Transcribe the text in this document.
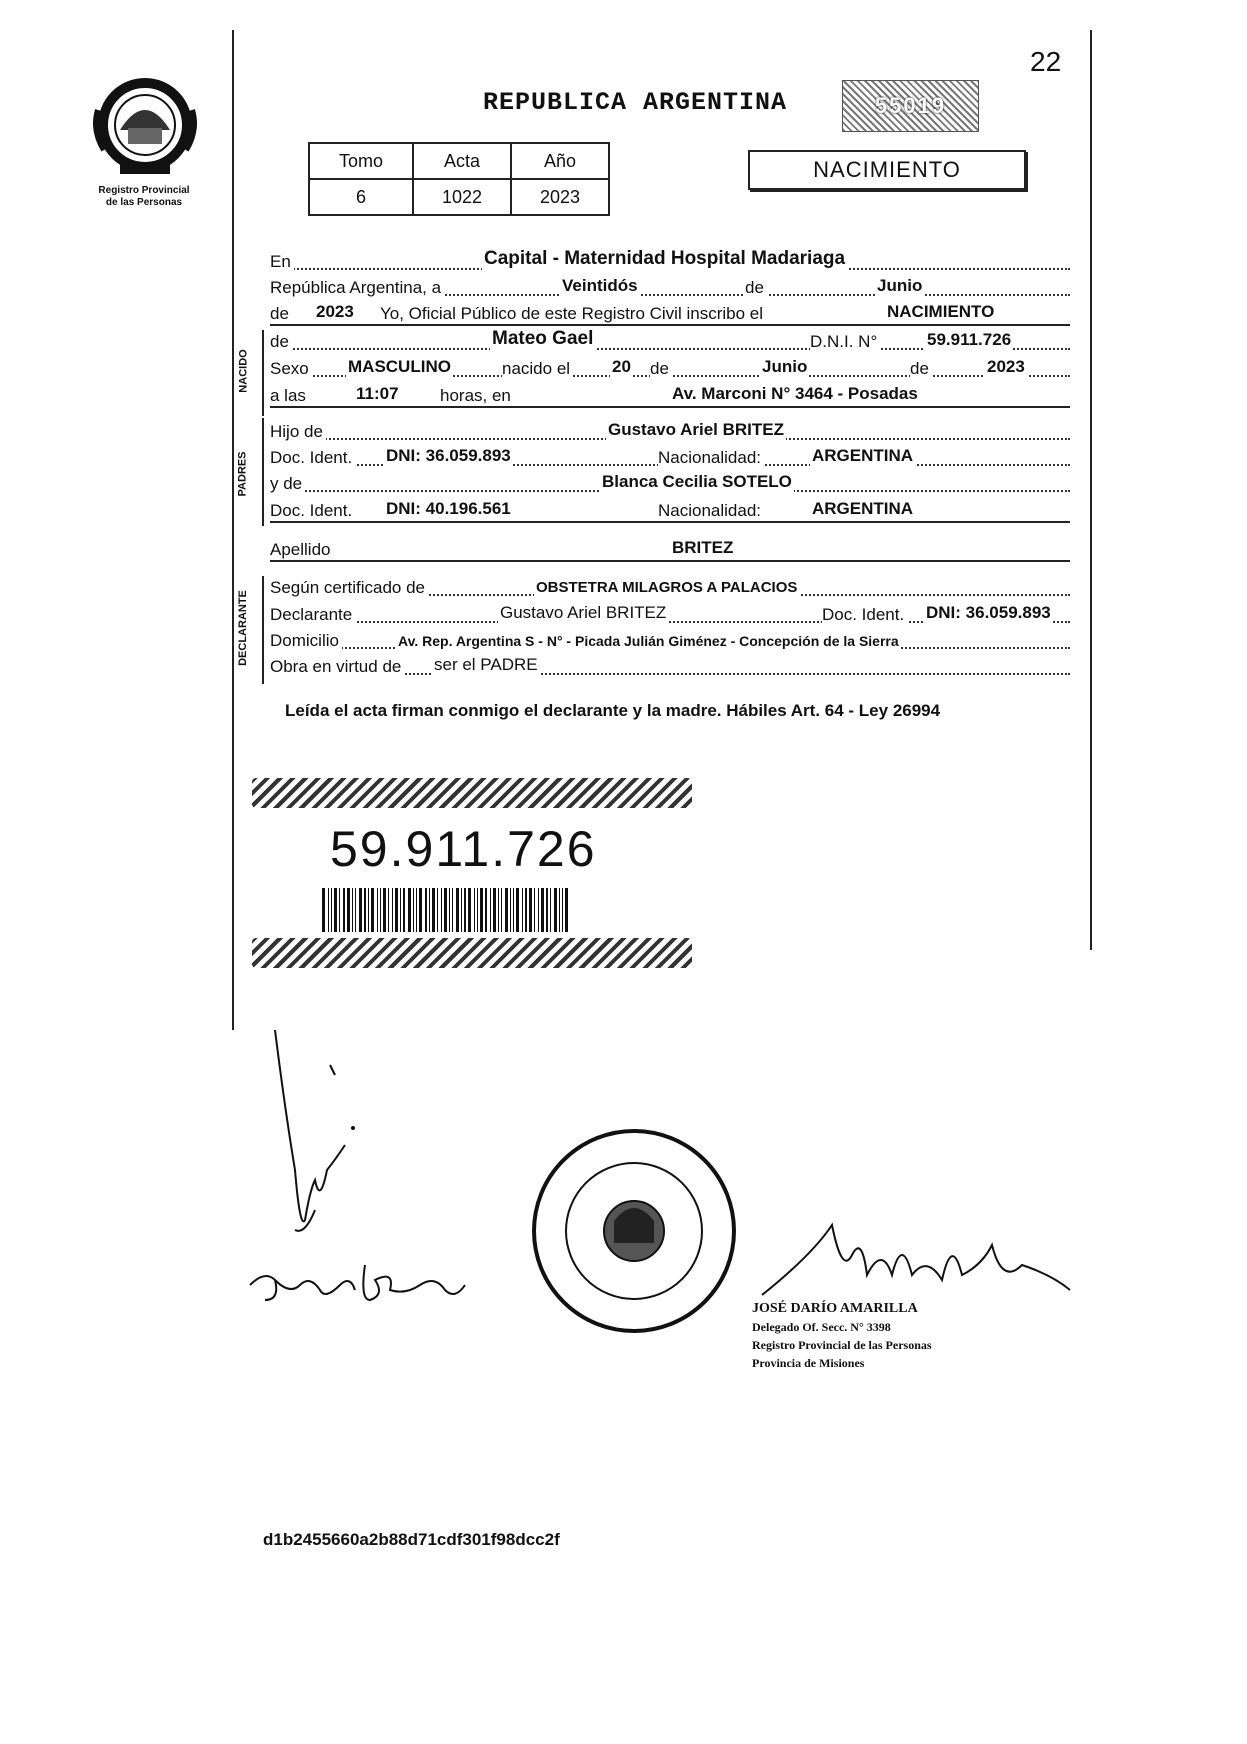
22
Registro Provincial
de las Personas
REPUBLICA ARGENTINA	55019
Tomo	Acta	Año
6	1022	2023
NACIMIENTO
En	Capital - Maternidad Hospital Madariaga
República Argentina, a	Veintidós	de	Junio
de 2023 Yo, Oficial Público de este Registro Civil inscribo el	NACIMIENTO
NACIDO
de	Mateo Gael	D.N.I. N°	59.911.726
Sexo MASCULINO	nacido el 20 de	Junio	de	2023
a las	11:07 horas, en	Av. Marconi N° 3464 - Posadas
PADRES
Hijo de	Gustavo Ariel BRITEZ
Doc. Ident. DNI: 36.059.893	Nacionalidad:	ARGENTINA
y de	Blanca Cecilia SOTELO
Doc. Ident. DNI: 40.196.561	Nacionalidad:	ARGENTINA
Apellido	BRITEZ
DECLARANTE
Según certificado de	OBSTETRA MILAGROS A PALACIOS
Declarante	Gustavo Ariel BRITEZ	Doc. Ident. DNI: 36.059.893
Domicilio	Av. Rep. Argentina S - N° - Picada Julián Giménez - Concepción de la Sierra
Obra en virtud de ser el PADRE
Leída el acta firman conmigo el declarante y la madre. Hábiles Art. 64 - Ley 26994
59.911.726
JOSÉ DARÍO AMARILLA
Delegado Of. Secc. N° 3398
Registro Provincial de las Personas
Provincia de Misiones
d1b2455660a2b88d71cdf301f98dcc2f
